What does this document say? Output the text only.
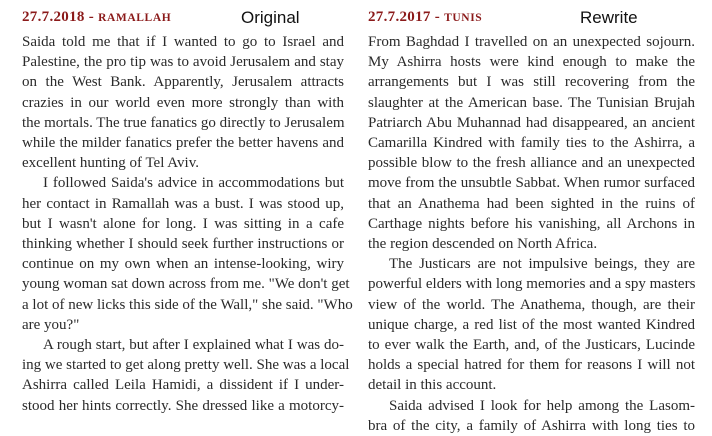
27.7.2018 - RAMALLAH	Original
Saida told me that if I wanted to go to Israel and
Palestine, the pro tip was to avoid Jerusalem and stay
on the West Bank. Apparently, Jerusalem attracts
crazies in our world even more strongly than with
the mortals. The true fanatics go directly to Jerusalem
while the milder fanatics prefer the better havens and
excellent hunting of Tel Aviv.
I followed Saida's advice in accommodations but
her contact in Ramallah was a bust. I was stood up,
but I wasn't alone for long. I was sitting in a cafe
thinking whether I should seek further instructions or
continue on my own when an intense-looking, wiry
young woman sat down across from me. "We don't get
a lot of new licks this side of the Wall," she said. "Who
are you?"
A rough start, but after I explained what I was do-
ing we started to get along pretty well. She was a local
Ashirra called Leila Hamidi, a dissident if I under-
stood her hints correctly. She dressed like a motorcy-
27.7.2017 - TUNIS	Rewrite
From Baghdad I travelled on an unexpected sojourn.
My Ashirra hosts were kind enough to make the
arrangements but I was still recovering from the
slaughter at the American base. The Tunisian Brujah
Patriarch Abu Muhannad had disappeared, an ancient
Camarilla Kindred with family ties to the Ashirra, a
possible blow to the fresh alliance and an unexpected
move from the unsubtle Sabbat. When rumor surfaced
that an Anathema had been sighted in the ruins of
Carthage nights before his vanishing, all Archons in
the region descended on North Africa.
The Justicars are not impulsive beings, they are
powerful elders with long memories and a spy masters
view of the world. The Anathema, though, are their
unique charge, a red list of the most wanted Kindred
to ever walk the Earth, and, of the Justicars, Lucinde
holds a special hatred for them for reasons I will not
detail in this account.
Saida advised I look for help among the Lasom-
bra of the city, a family of Ashirra with long ties to
